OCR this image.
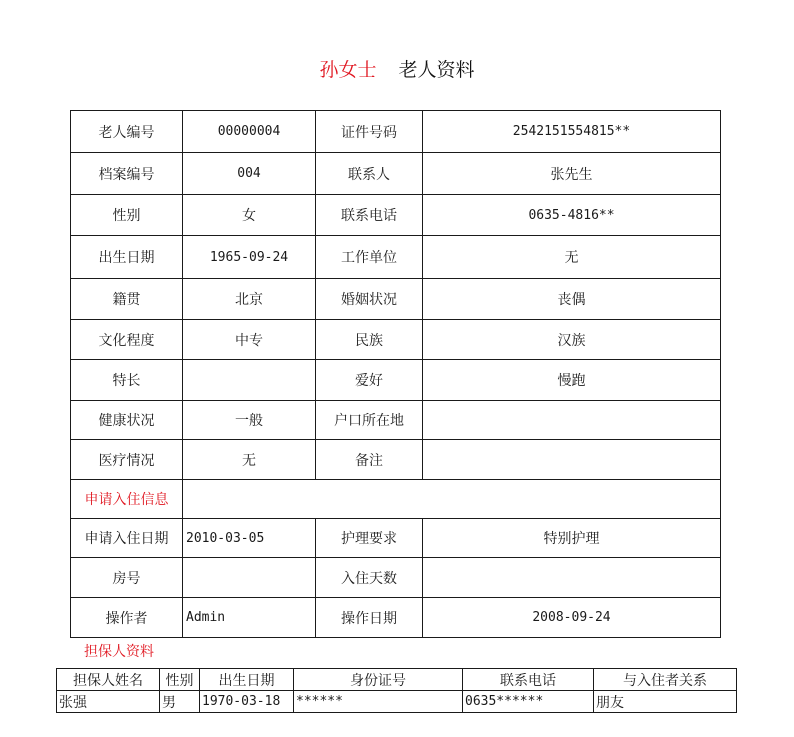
孙女士 老人资料
老人编号	00000004	证件号码	2542151554815**
档案编号	004	联系人	张先生
性别	女	联系电话	0635-4816**
出生日期	1965-09-24	工作单位	无
籍贯	北京	婚姻状况	丧偶
文化程度	中专	民族	汉族
特长		爱好	慢跑
健康状况	一般	户口所在地	
医疗情况	无	备注	
申请入住信息			
申请入住日期	2010-03-05	护理要求	特别护理
房号		入住天数	
操作者	Admin	操作日期	2008-09-24
担保人资料
担保人姓名	性别	出生日期	身份证号	联系电话	与入住者关系
张强	男	1970-03-18	******	0635******	朋友
